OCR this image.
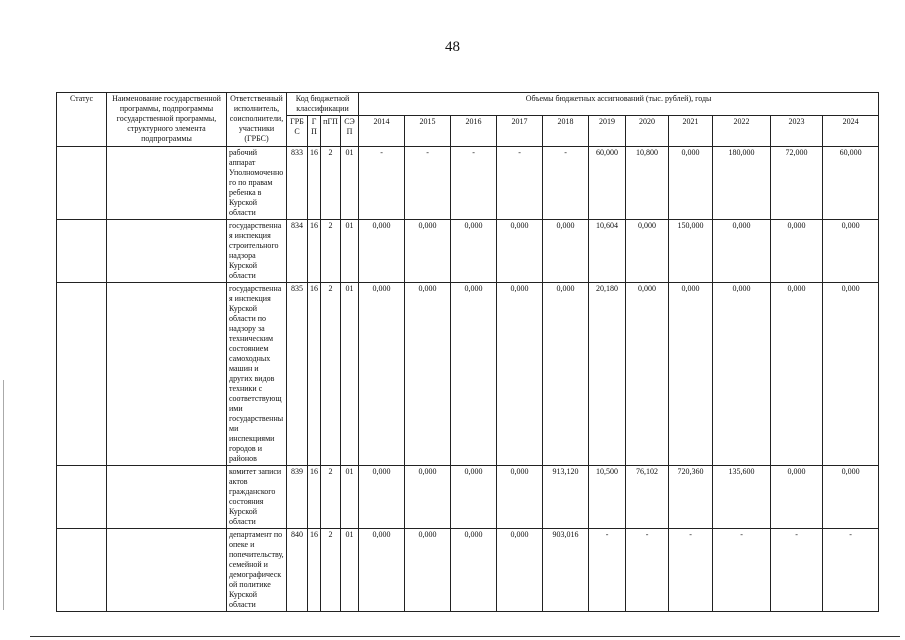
48
Статус	Наименование государственной программы, подпрограммы государственной программы, структурного элемента подпрограммы	Ответственный исполнитель, соисполнители, участники (ГРБС)	Код бюджетной классификации				Объемы бюджетных ассигнований (тыс. рублей), годы										

			ГРБС	ГП	пГП	СЭП	2014	2015	2016	2017	2018	2019	2020	2021	2022	2023	2024
		рабочий аппарат Уполномоченного по правам ребенка в Курской области	833	16	2	01	-	-	-	-	-	60,000	10,800	0,000	180,000	72,000	60,000
		государственная инспекция строительного надзора Курской области	834	16	2	01	0,000	0,000	0,000	0,000	0,000	10,604	0,000	150,000	0,000	0,000	0,000
		государственная инспекция Курской области по надзору за техническим состоянием самоходных машин и других видов техники с соответствующими государственными инспекциями городов и районов	835	16	2	01	0,000	0,000	0,000	0,000	0,000	20,180	0,000	0,000	0,000	0,000	0,000
		комитет записи актов гражданского состояния Курской области	839	16	2	01	0,000	0,000	0,000	0,000	913,120	10,500	76,102	720,360	135,600	0,000	0,000
		департамент по опеке и попечительству, семейной и демографической политике Курской области	840	16	2	01	0,000	0,000	0,000	0,000	903,016	-	-	-	-	-	-
